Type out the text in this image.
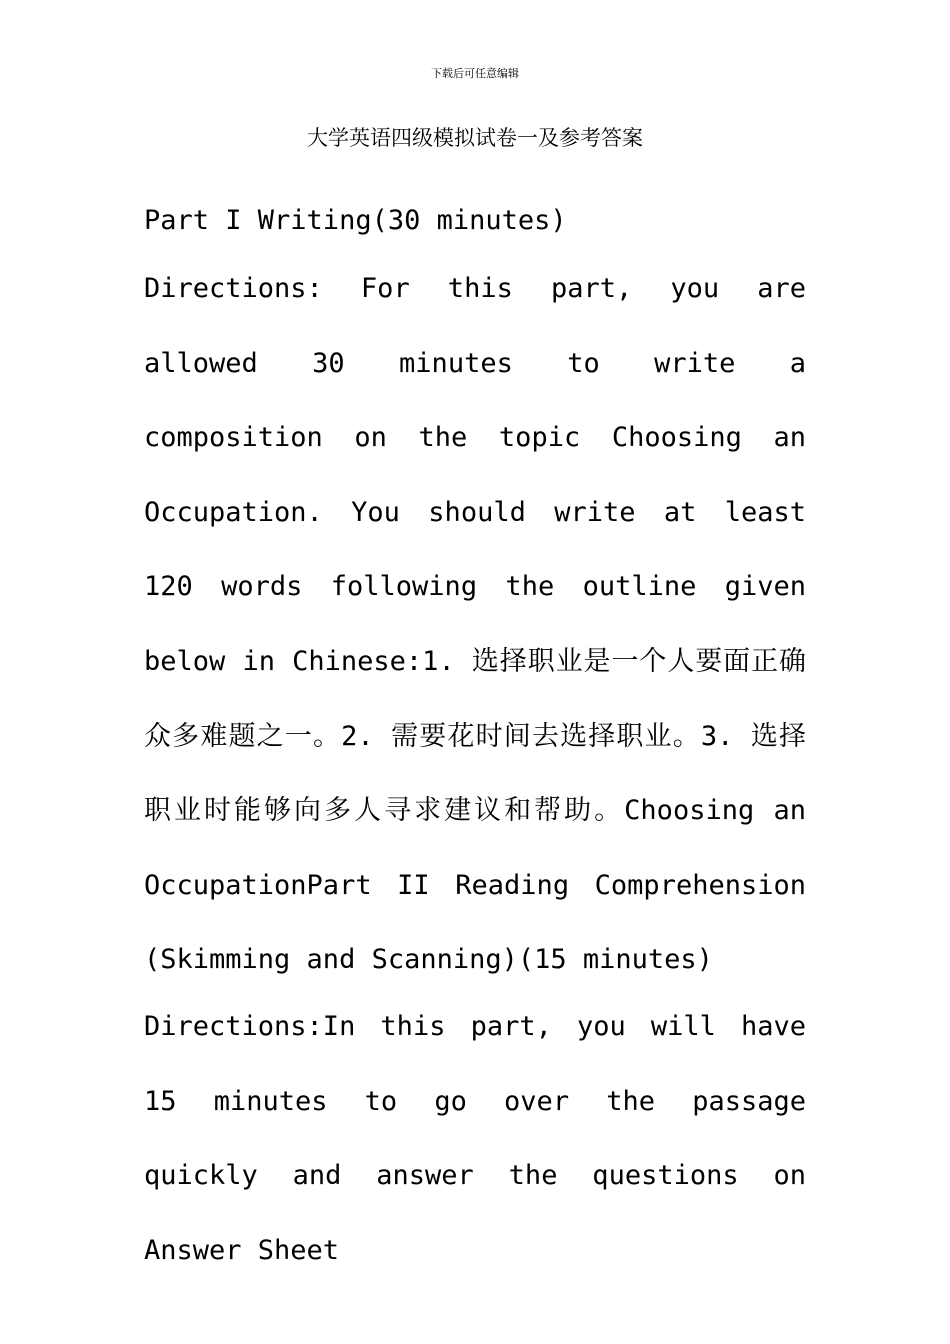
下载后可任意编辑
大学英语四级模拟试卷一及参考答案
Part I Writing(30 minutes)
Directions: For this part, you are allowed 30 minutes to write a composition on the topic Choosing an Occupation. You should write at least 120 words following the outline given below in Chinese:1. 选择职业是一个人要面正确众多难题之一。2. 需要花时间去选择职业。3. 选择职业时能够向多人寻求建议和帮助。Choosing an OccupationPart II Reading Comprehension (Skimming and Scanning)(15 minutes)
Directions:In this part, you will have 15 minutes to go over the passage quickly and answer the questions on Answer Sheet
